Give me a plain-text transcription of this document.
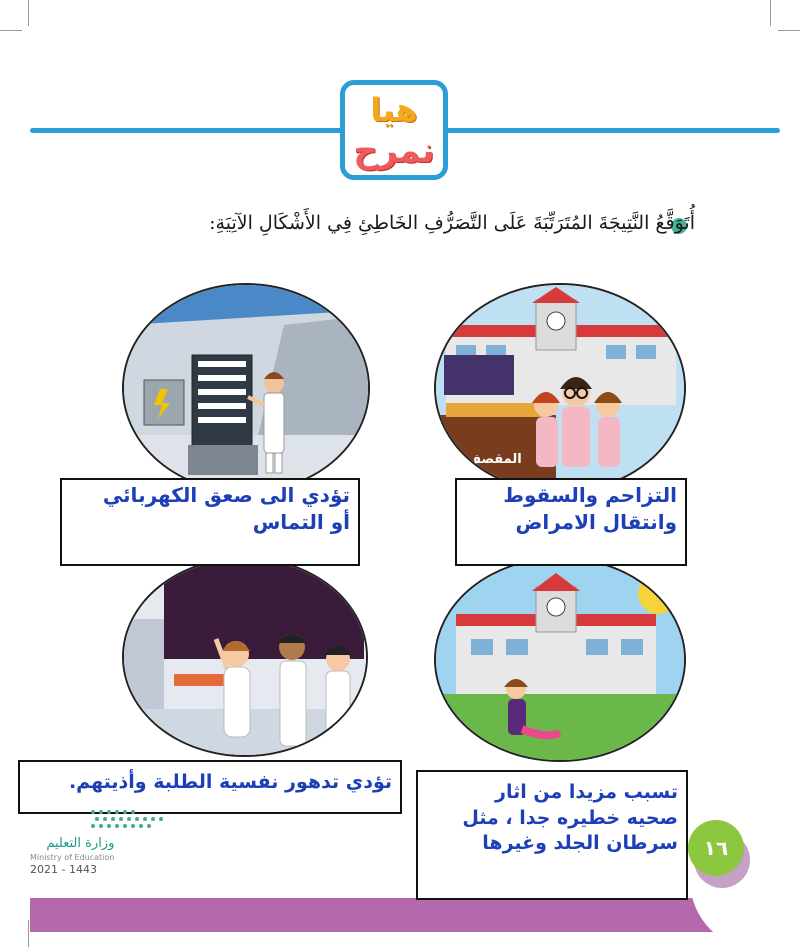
هيا
نمرح
أُتَوَقَّعُ النَّتِيجَةَ المُتَرَتِّبَةَ عَلَى التَّصَرُّفِ الخَاطِئِ فِي الأَشْكَالِ الآتِيَةِ:
المقصف
تؤدي الى صعق الكهربائي
أو التماس
التزاحم والسقوط
وانتقال الامراض
تؤدي تدهور نفسية الطلبة وأذيتهم.
١٦
تسبب مزيدا من اثار
صحيه خطيره جدا ، مثل
سرطان الجلد وغيرها
وزارة التعليم
Ministry of Education
2021 - 1443
